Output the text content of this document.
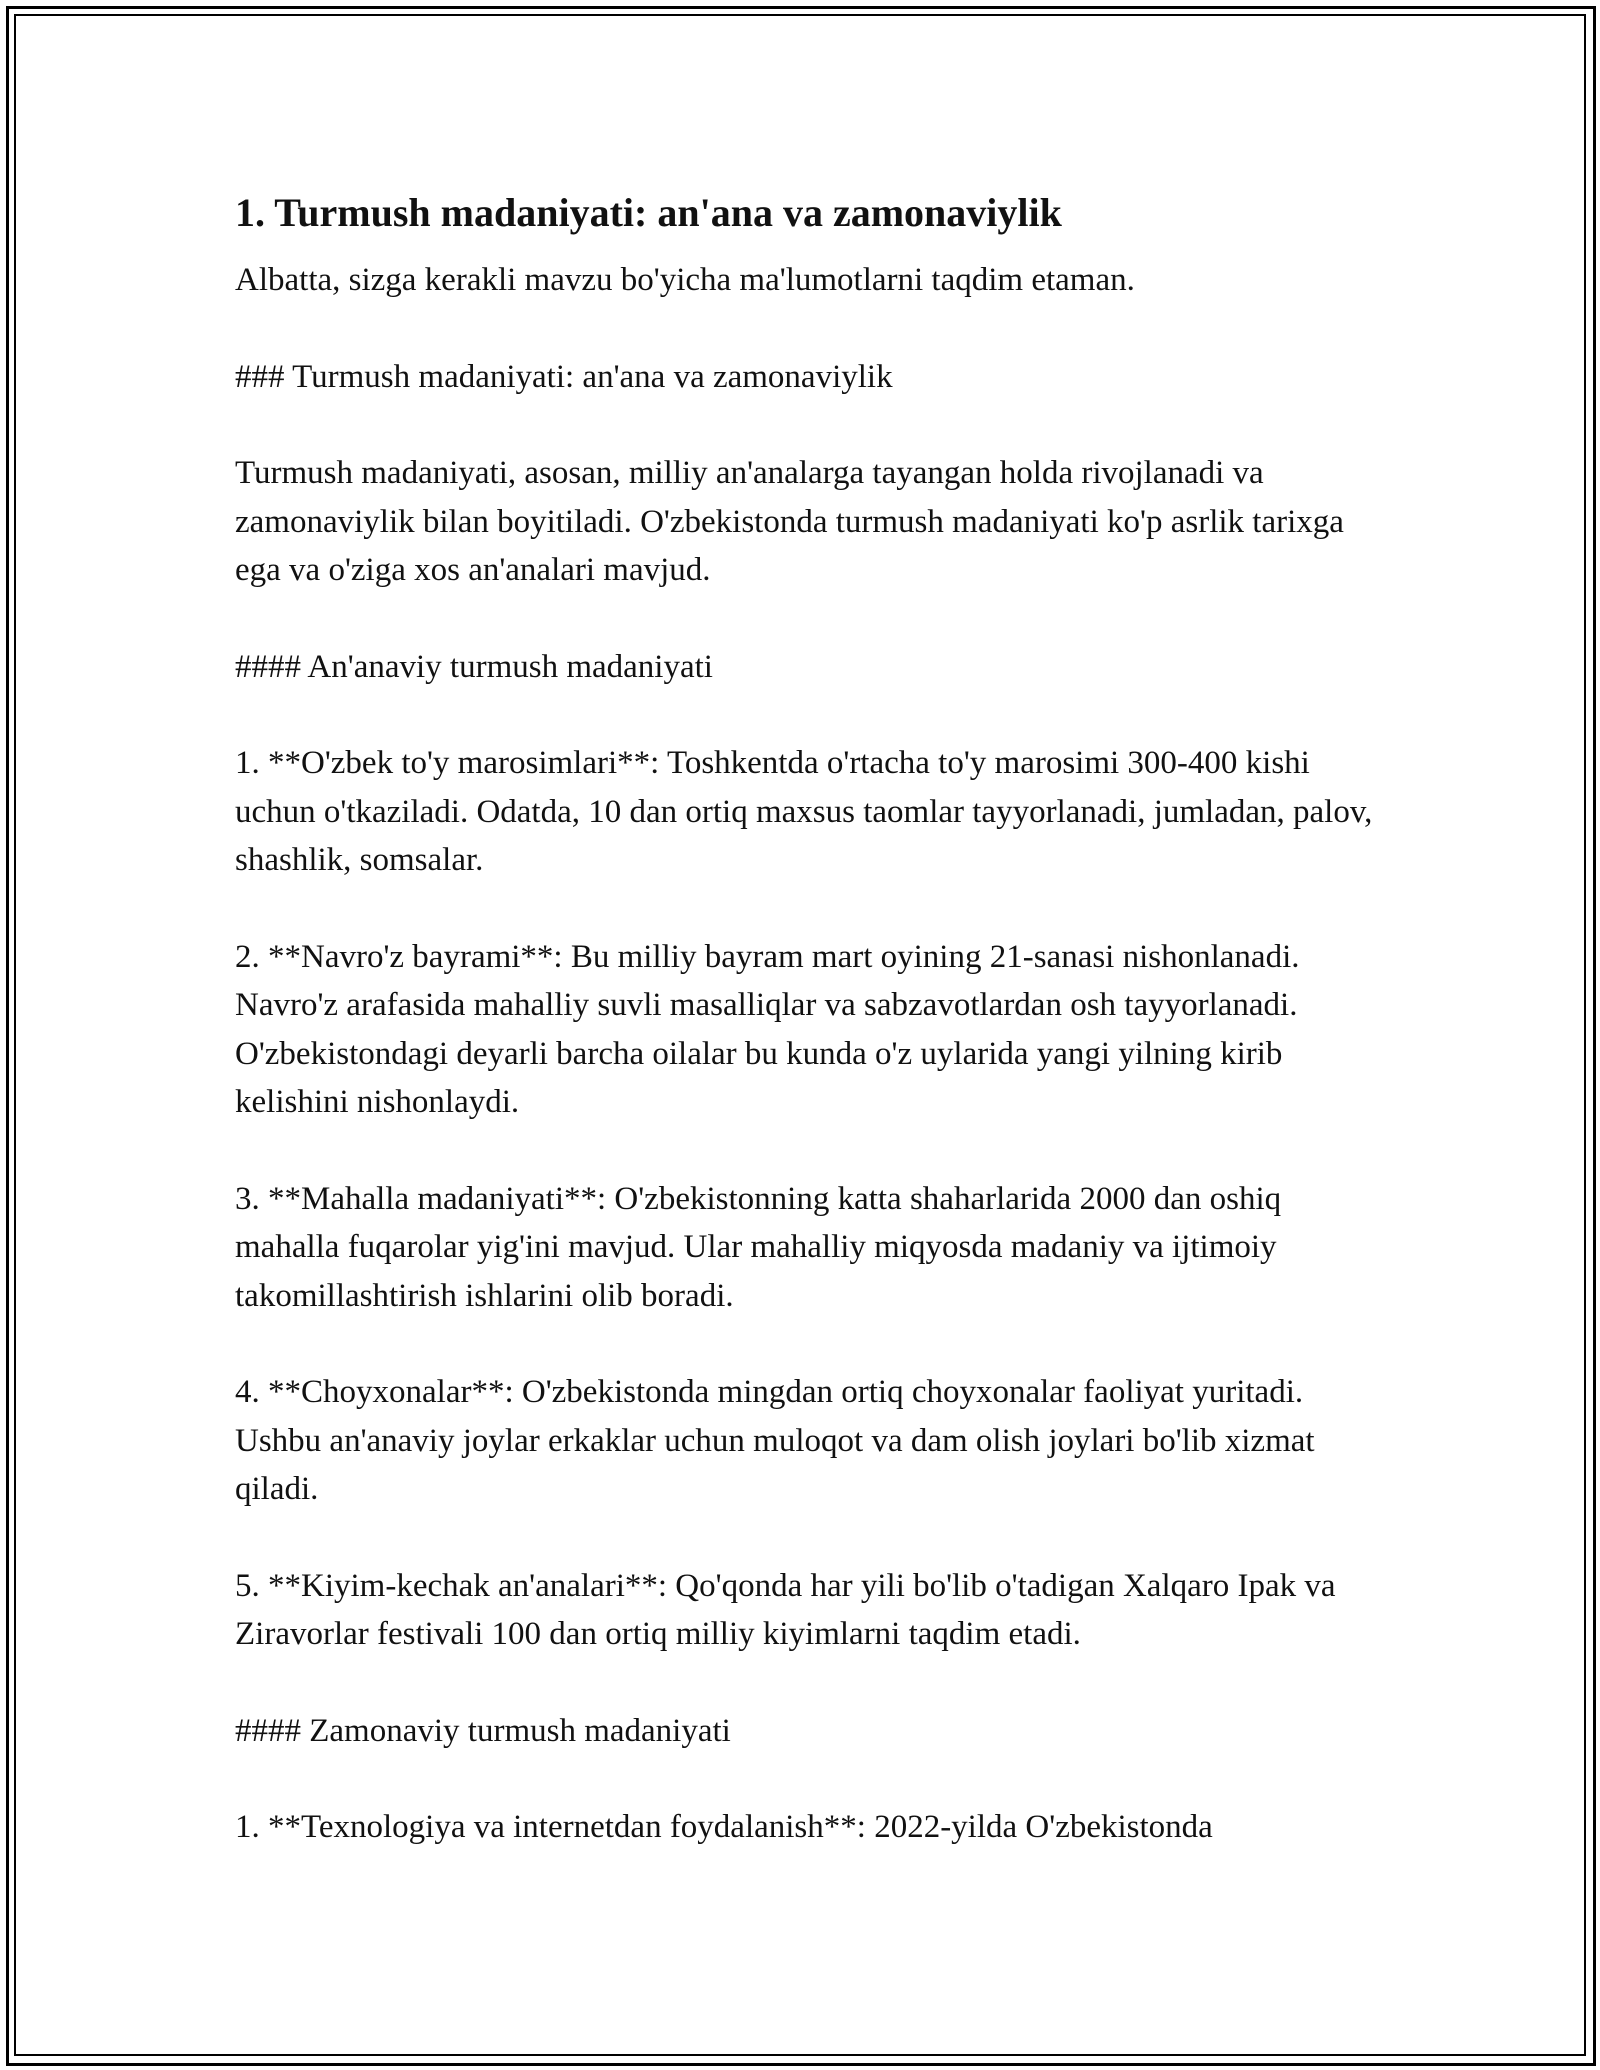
1. Turmush madaniyati: an'ana va zamonaviylik

Albatta, sizga kerakli mavzu bo'yicha ma'lumotlarni taqdim etaman.

### Turmush madaniyati: an'ana va zamonaviylik

Turmush madaniyati, asosan, milliy an'analarga tayangan holda rivojlanadi va zamonaviylik bilan boyitiladi. O'zbekistonda turmush madaniyati ko'p asrlik tarixga ega va o'ziga xos an'analari mavjud.

#### An'anaviy turmush madaniyati

1. **O'zbek to'y marosimlari**: Toshkentda o'rtacha to'y marosimi 300-400 kishi uchun o'tkaziladi. Odatda, 10 dan ortiq maxsus taomlar tayyorlanadi, jumladan, palov, shashlik, somsalar.

2. **Navro'z bayrami**: Bu milliy bayram mart oyining 21-sanasi nishonlanadi. Navro'z arafasida mahalliy suvli masalliqlar va sabzavotlardan osh tayyorlanadi. O'zbekistondagi deyarli barcha oilalar bu kunda o'z uylarida yangi yilning kirib kelishini nishonlaydi.

3. **Mahalla madaniyati**: O'zbekistonning katta shaharlarida 2000 dan oshiq mahalla fuqarolar yig'ini mavjud. Ular mahalliy miqyosda madaniy va ijtimoiy takomillashtirish ishlarini olib boradi.

4. **Choyxonalar**: O'zbekistonda mingdan ortiq choyxonalar faoliyat yuritadi. Ushbu an'anaviy joylar erkaklar uchun muloqot va dam olish joylari bo'lib xizmat qiladi.

5. **Kiyim-kechak an'analari**: Qo'qonda har yili bo'lib o'tadigan Xalqaro Ipak va Ziravorlar festivali 100 dan ortiq milliy kiyimlarni taqdim etadi.

#### Zamonaviy turmush madaniyati

1. **Texnologiya va internetdan foydalanish**: 2022-yilda O'zbekistonda
